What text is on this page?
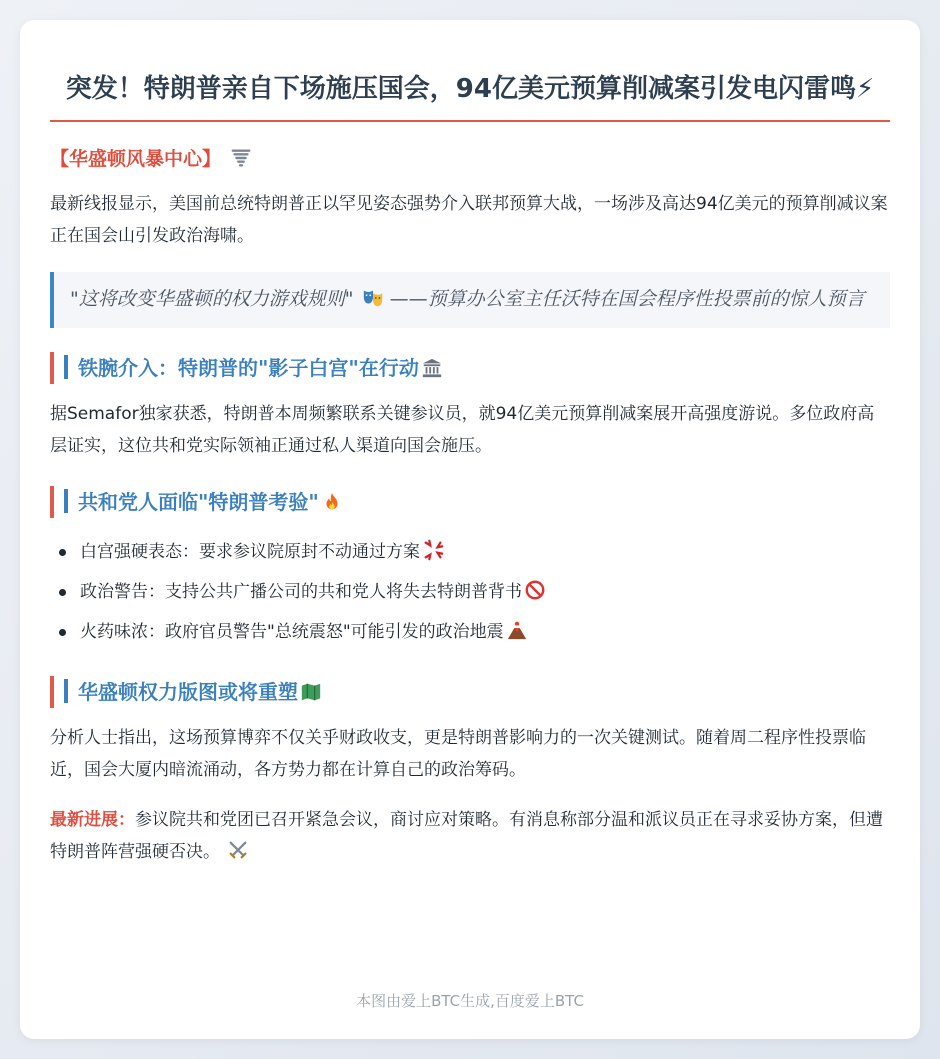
突发！特朗普亲自下场施压国会，94亿美元预算削减案引发电闪雷鸣⚡
【华盛顿风暴中心】
最新线报显示，美国前总统特朗普正以罕见姿态强势介入联邦预算大战，一场涉及高达94亿美元的预算削减议案正在国会山引发政治海啸。
"这将改变华盛顿的权力游戏规则" ——预算办公室主任沃特在国会程序性投票前的惊人预言
铁腕介入：特朗普的"影子白宫"在行动
据Semafor独家获悉，特朗普本周频繁联系关键参议员，就94亿美元预算削减案展开高强度游说。多位政府高层证实，这位共和党实际领袖正通过私人渠道向国会施压。
共和党人面临"特朗普考验"
白宫强硬表态：要求参议院原封不动通过方案
政治警告：支持公共广播公司的共和党人将失去特朗普背书
火药味浓：政府官员警告"总统震怒"可能引发的政治地震
华盛顿权力版图或将重塑
分析人士指出，这场预算博弈不仅关乎财政收支，更是特朗普影响力的一次关键测试。随着周二程序性投票临近，国会大厦内暗流涌动，各方势力都在计算自己的政治筹码。
最新进展：参议院共和党团已召开紧急会议，商讨应对策略。有消息称部分温和派议员正在寻求妥协方案，但遭特朗普阵营强硬否决。
本图由爱上BTC生成,百度爱上BTC
